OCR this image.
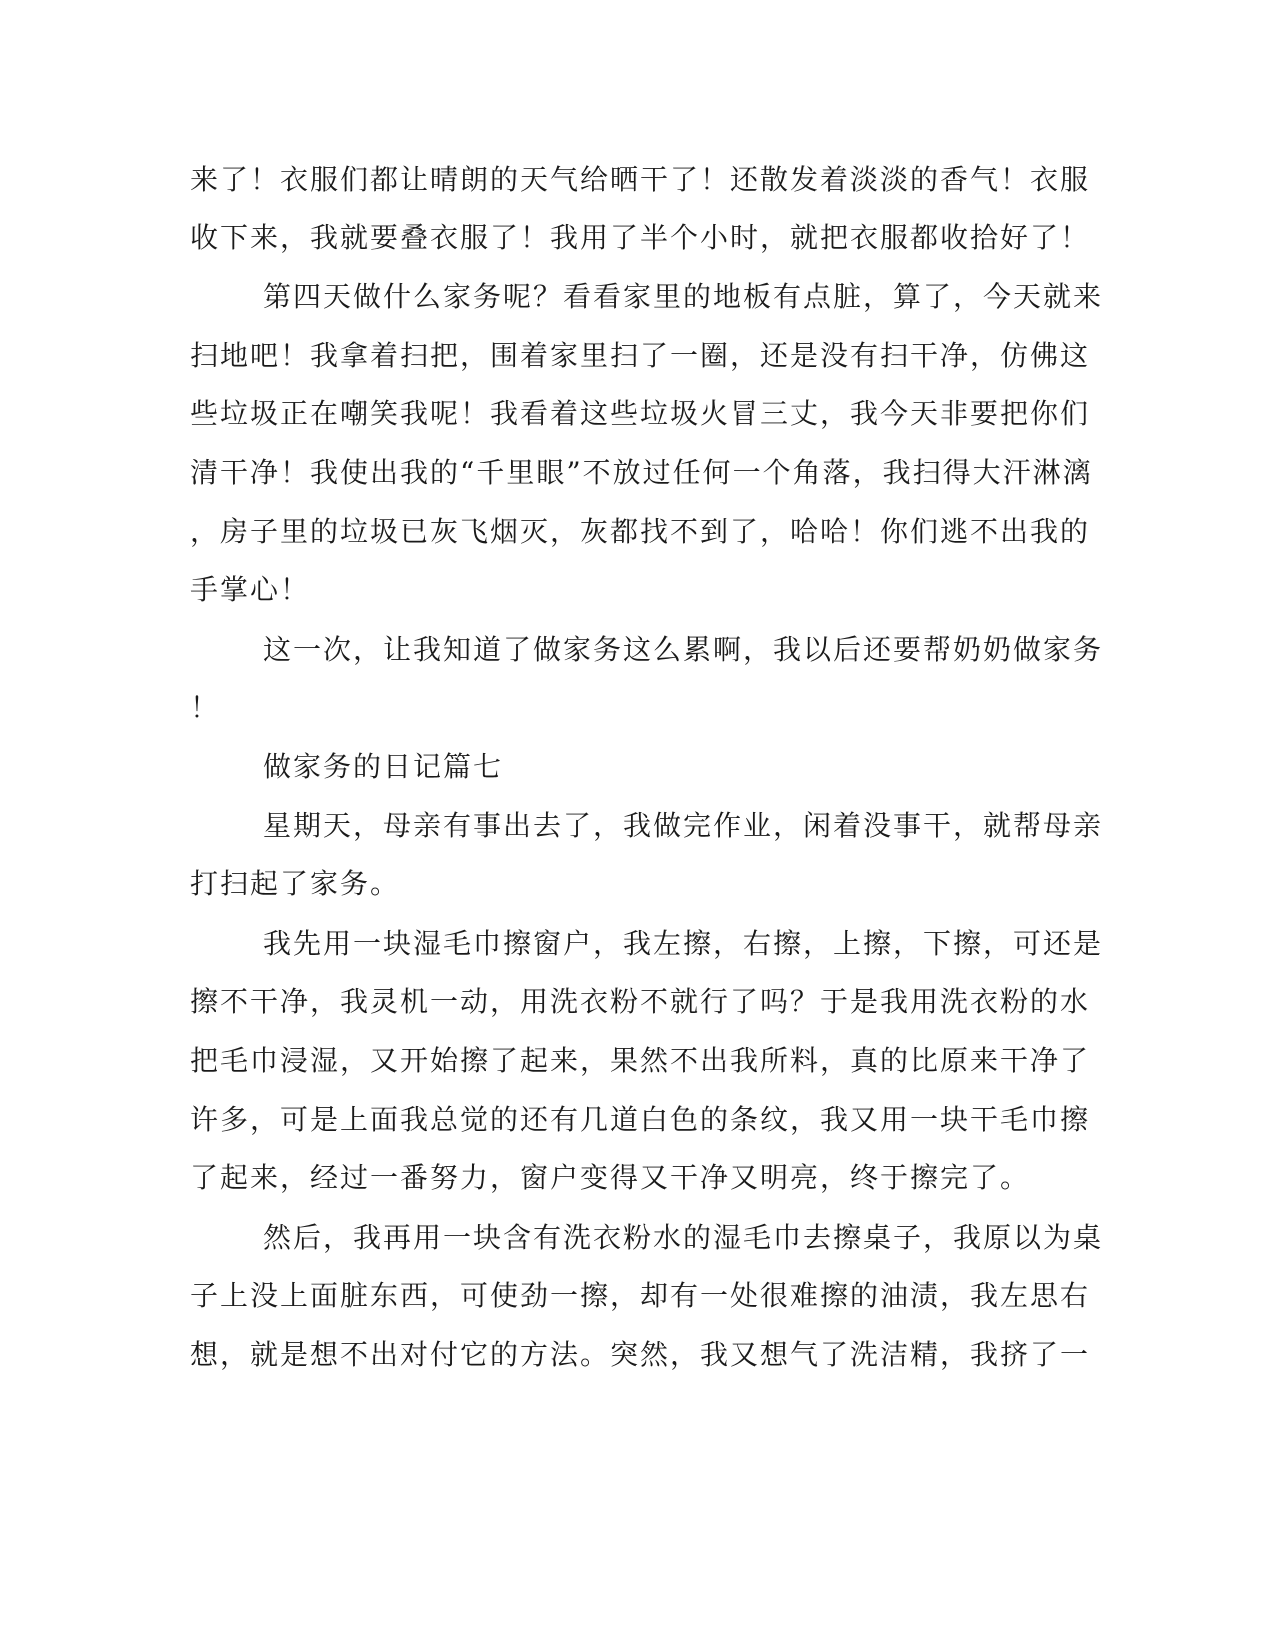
来了！衣服们都让晴朗的天气给晒干了！还散发着淡淡的香气！衣服
收下来，我就要叠衣服了！我用了半个小时，就把衣服都收拾好了！
第四天做什么家务呢？看看家里的地板有点脏，算了，今天就来
扫地吧！我拿着扫把，围着家里扫了一圈，还是没有扫干净，仿佛这
些垃圾正在嘲笑我呢！我看着这些垃圾火冒三丈，我今天非要把你们
清干净！我使出我的“千里眼”不放过任何一个角落，我扫得大汗淋漓
，房子里的垃圾已灰飞烟灭，灰都找不到了，哈哈！你们逃不出我的
手掌心！
这一次，让我知道了做家务这么累啊，我以后还要帮奶奶做家务
！
做家务的日记篇七
星期天，母亲有事出去了，我做完作业，闲着没事干，就帮母亲
打扫起了家务。
我先用一块湿毛巾擦窗户，我左擦，右擦，上擦，下擦，可还是
擦不干净，我灵机一动，用洗衣粉不就行了吗？于是我用洗衣粉的水
把毛巾浸湿，又开始擦了起来，果然不出我所料，真的比原来干净了
许多，可是上面我总觉的还有几道白色的条纹，我又用一块干毛巾擦
了起来，经过一番努力，窗户变得又干净又明亮，终于擦完了。
然后，我再用一块含有洗衣粉水的湿毛巾去擦桌子，我原以为桌
子上没上面脏东西，可使劲一擦，却有一处很难擦的油渍，我左思右
想，就是想不出对付它的方法。突然，我又想气了洗洁精，我挤了一
